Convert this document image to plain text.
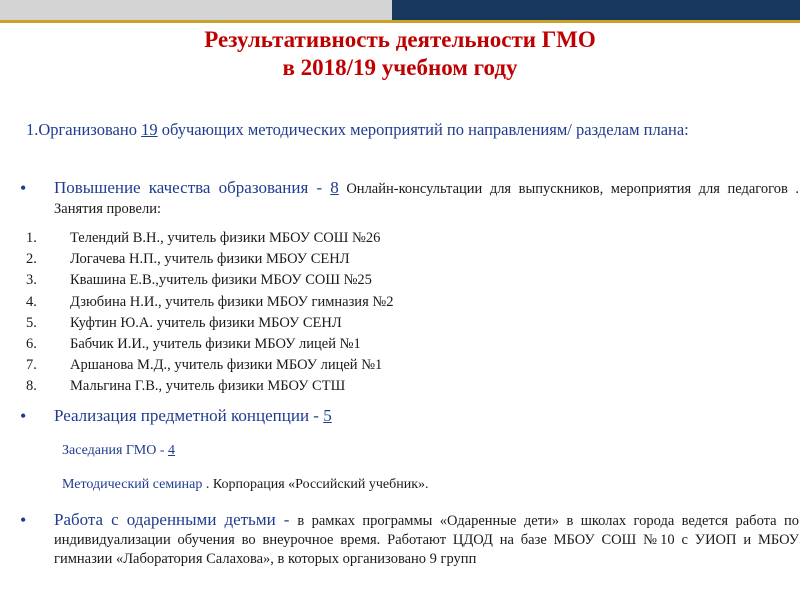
Результативность деятельности ГМО
в 2018/19 учебном году
1.Организовано 19 обучающих методических мероприятий по направлениям/ разделам плана:
• Повышение качества образования - 8 Онлайн-консультации для выпускников, мероприятия для педагогов . Занятия провели:
1. Телендий В.Н., учитель физики МБОУ СОШ №26
2. Логачева Н.П., учитель физики МБОУ СЕНЛ
3. Квашина Е.В.,учитель физики МБОУ СОШ №25
4. Дзюбина Н.И., учитель физики МБОУ гимназия №2
5. Куфтин Ю.А. учитель физики МБОУ СЕНЛ
6. Бабчик И.И., учитель физики МБОУ лицей №1
7. Аршанова М.Д., учитель физики МБОУ лицей №1
8. Мальгина Г.В., учитель физики МБОУ СТШ
• Реализация предметной концепции - 5
Заседания ГМО - 4
Методический семинар . Корпорация «Российский учебник».
• Работа с одаренными детьми - в рамках программы «Одаренные дети» в школах города ведется работа по индивидуализации обучения во внеурочное время. Работают ЦДОД на базе МБОУ СОШ №10 с УИОП и МБОУ гимназии «Лаборатория Салахова», в которых организовано 9 групп
